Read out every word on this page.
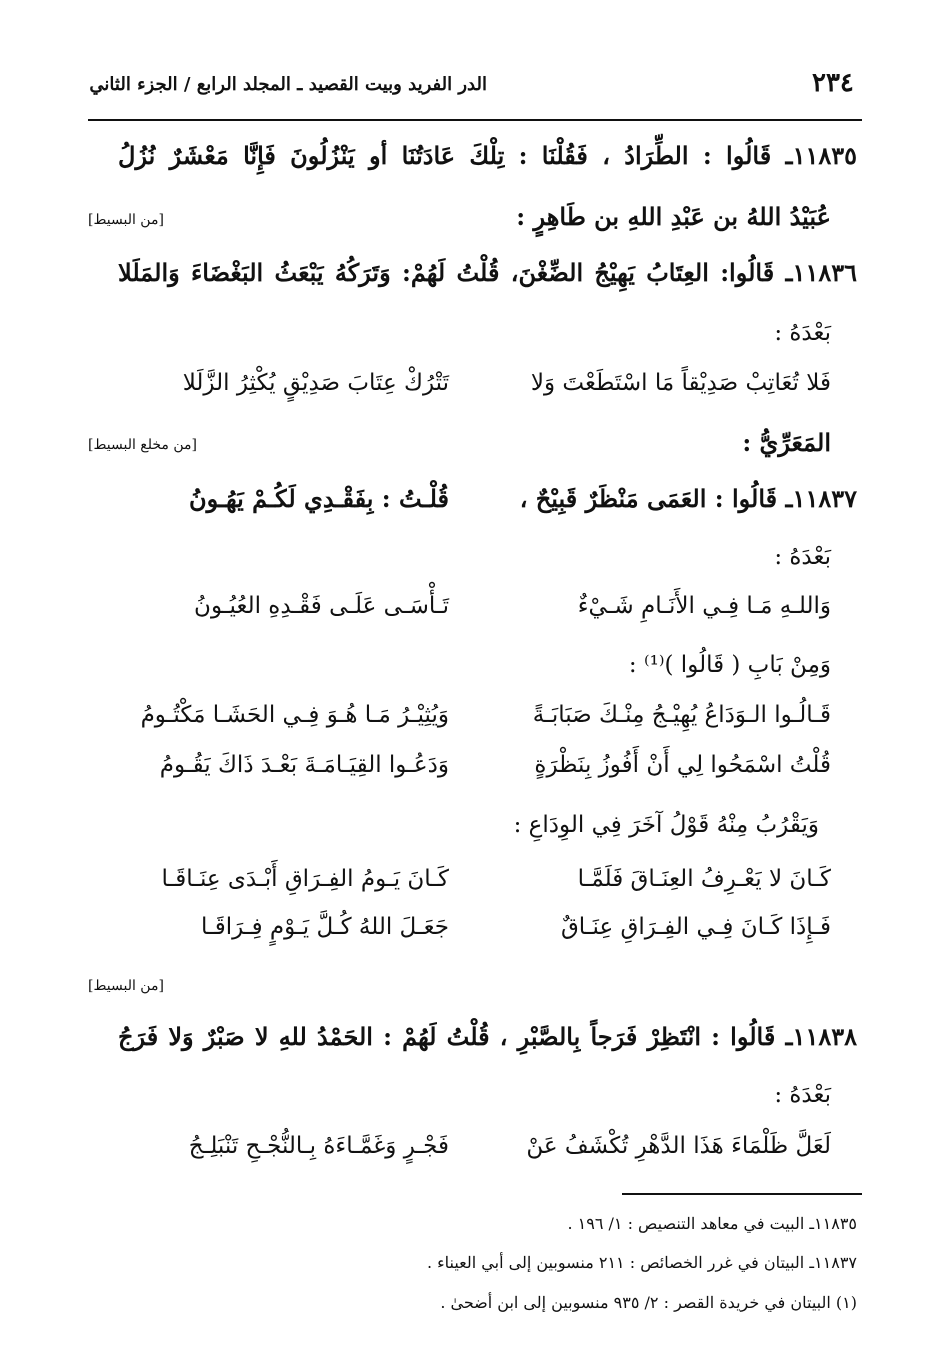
الدر الفريد وبيت القصيد ـ المجلد الرابع / الجزء الثاني	٢٣٤
١١٨٣٥ـ قَالُوا : الطِّرَادُ ، فَقُلْنَا : تِلْكَ عَادَتُنَا أو يَنْزُلُونَ فَإِنَّا مَعْشَرٌ نُزُلُ
[من البسيط]	عُبَيْدُ اللهُ بن عَبْدِ اللهِ بن طَاهِرٍ :
١١٨٣٦ـ قَالُوا: العِتَابُ يَهِيْجُ الضِّغْنَ، قُلْتُ لَهُمْ: وَتَرَكُهُ يَبْعَثُ البَغْضَاءَ وَالمَلَلا
بَعْدَهُ :
فَلا تُعَاتِبْ صَدِيْقاً مَا اسْتَطَعْتَ وَلا
تَتْرُكْ عِتَابَ صَدِيْقٍ يُكْثِرُ الزَّلَلا
[من مخلع البسيط]	المَعَرِّيُّ :
١١٨٣٧ـ قَالُوا : العَمَى مَنْظَرٌ قَبِيْحٌ ،
قُلْـتُ : بِفَقْـدِي لَكُـمْ يَهُـونُ
بَعْدَهُ :
وَاللـهِ مَـا فِـي الأَنَـامِ شَـيْءٌ
تَـأْسَـى عَلَـى فَقْـدِهِ العُيُـونُ
وَمِنْ بَابِ ( قَالُوا )⁽¹⁾ :
قَـالُـوا الـوَدَاعُ يُهِيْـجُ مِنْـكَ صَبَابَـةً
وَيُثِيْـرُ مَـا هُـوَ فِـي الحَشَـا مَكْتُـومُ
قُلْتُ اسْمَحُوا لِي أَنْ أَفُوزُ بِنَظْرَةٍ
وَدَعُـوا القِيَـامَـةَ بَعْـدَ ذَاكَ يَقُـومُ
وَيَقْرُبُ مِنْهُ قَوْلُ آخَرَ فِي الوِدَاعِ :
كَـانَ لا يَعْـرِفُ العِنَـاقَ فَلَمَّـا
كَـانَ يَـومُ الفِـرَاقِ أَبْـدَى عِنَـاقَـا
فَـإِذَا كَـانَ فِـي الفِـرَاقِ عِنَـاقٌ
جَعَـلَ اللهُ كُـلَّ يَـوْمٍ فِـرَاقَـا
[من البسيط]
١١٨٣٨ـ قَالُوا : انْتَظِرْ فَرَجاً بِالصَّبْرِ ، قُلْتُ لَهُمْ : الحَمْدُ للهِ لا صَبْرٌ وَلا فَرَجُ
بَعْدَهُ :
لَعَلَّ ظَلْمَاءَ هَذَا الدَّهْرِ تُكْشَفُ عَنْ
فَجْـرٍ وَغَمَّـاءَهُ بِـالنُّجْـحِ تَنْبَلِـجُ
١١٨٣٥ـ البيت في معاهد التنصيص : ١/ ١٩٦ .
١١٨٣٧ـ البيتان في غرر الخصائص : ٢١١ منسوبين إلى أبي العيناء .
(١) البيتان في خريدة القصر : ٢/ ٩٣٥ منسوبين إلى ابن أضحىٰ .
